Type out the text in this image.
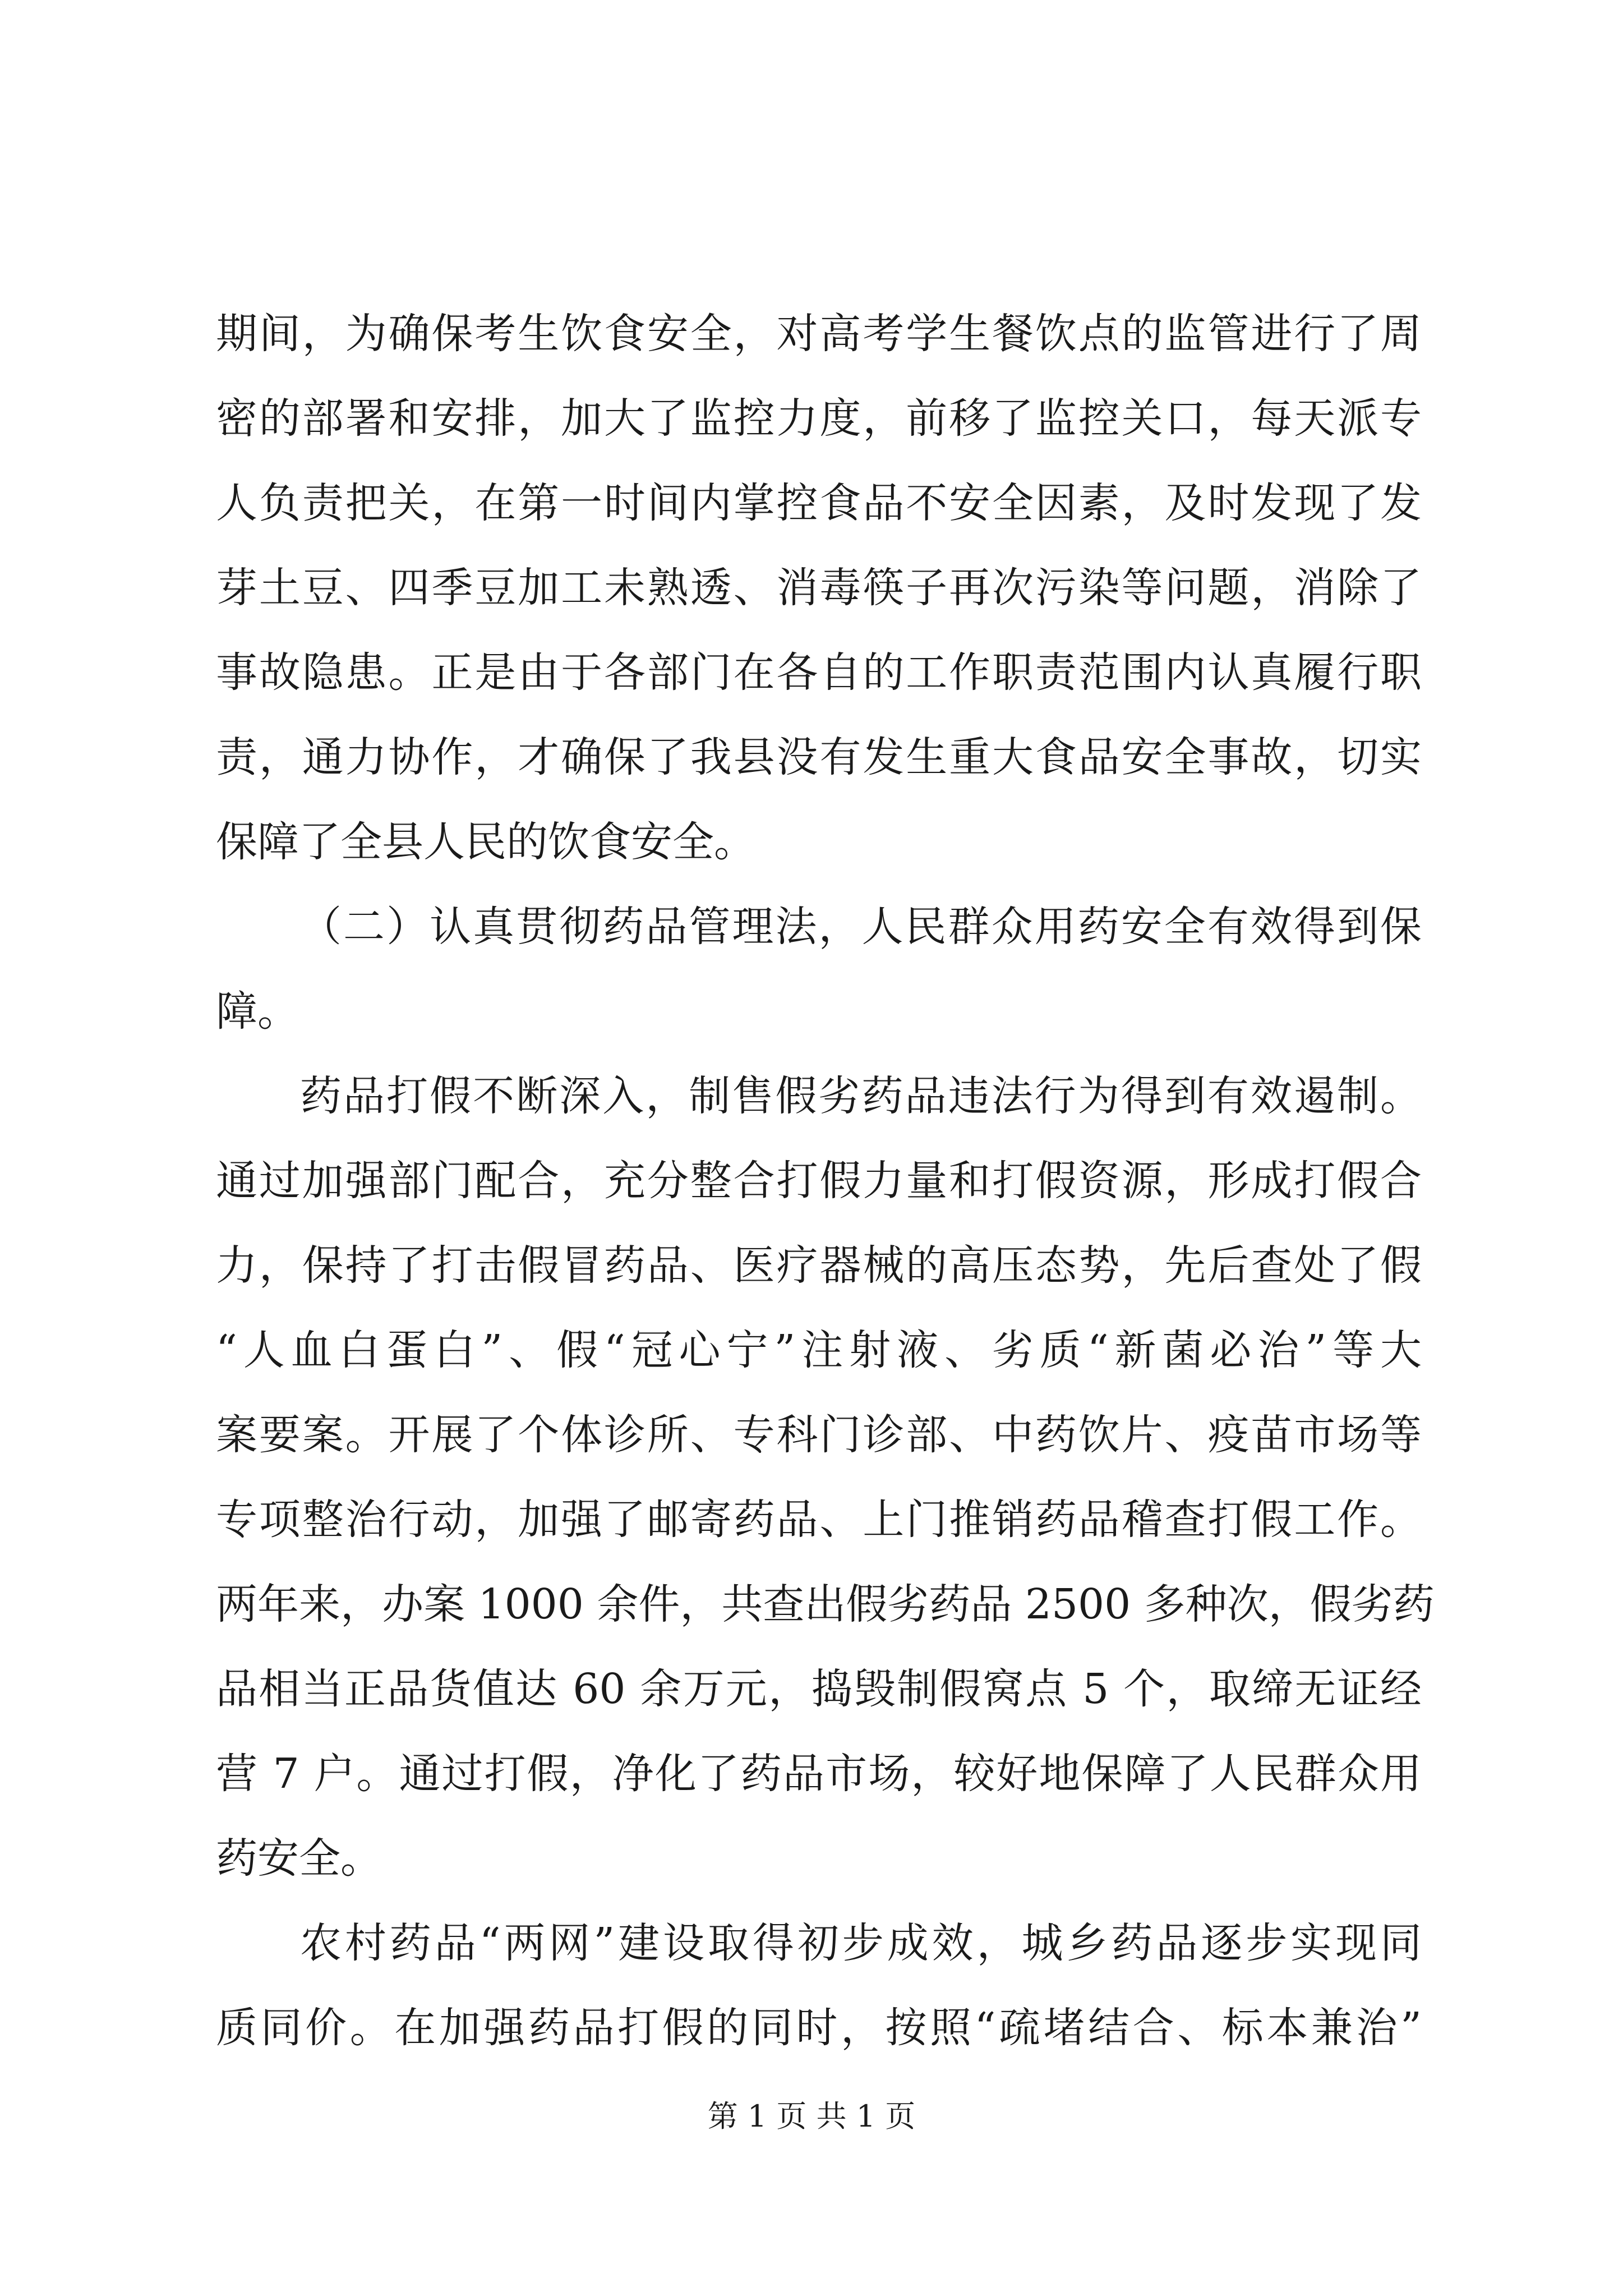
期间，为确保考生饮食安全，对高考学生餐饮点的监管进行了周
密的部署和安排，加大了监控力度，前移了监控关口，每天派专
人负责把关，在第一时间内掌控食品不安全因素，及时发现了发
芽土豆、四季豆加工未熟透、消毒筷子再次污染等问题，消除了
事故隐患。正是由于各部门在各自的工作职责范围内认真履行职
责，通力协作，才确保了我县没有发生重大食品安全事故，切实
保障了全县人民的饮食安全。
（二）认真贯彻药品管理法，人民群众用药安全有效得到保
障。
药品打假不断深入，制售假劣药品违法行为得到有效遏制。
通过加强部门配合，充分整合打假力量和打假资源，形成打假合
力，保持了打击假冒药品、医疗器械的高压态势，先后查处了假
“人血白蛋白”、假“冠心宁”注射液、劣质“新菌必治”等大
案要案。开展了个体诊所、专科门诊部、中药饮片、疫苗市场等
专项整治行动，加强了邮寄药品、上门推销药品稽查打假工作。
两年来，办案 1000 余件，共查出假劣药品 2500 多种次，假劣药
品相当正品货值达 60 余万元，捣毁制假窝点 5 个，取缔无证经
营 7 户。通过打假，净化了药品市场，较好地保障了人民群众用
药安全。
农村药品“两网”建设取得初步成效，城乡药品逐步实现同
质同价。在加强药品打假的同时，按照“疏堵结合、标本兼治”
第 1 页 共 1 页
